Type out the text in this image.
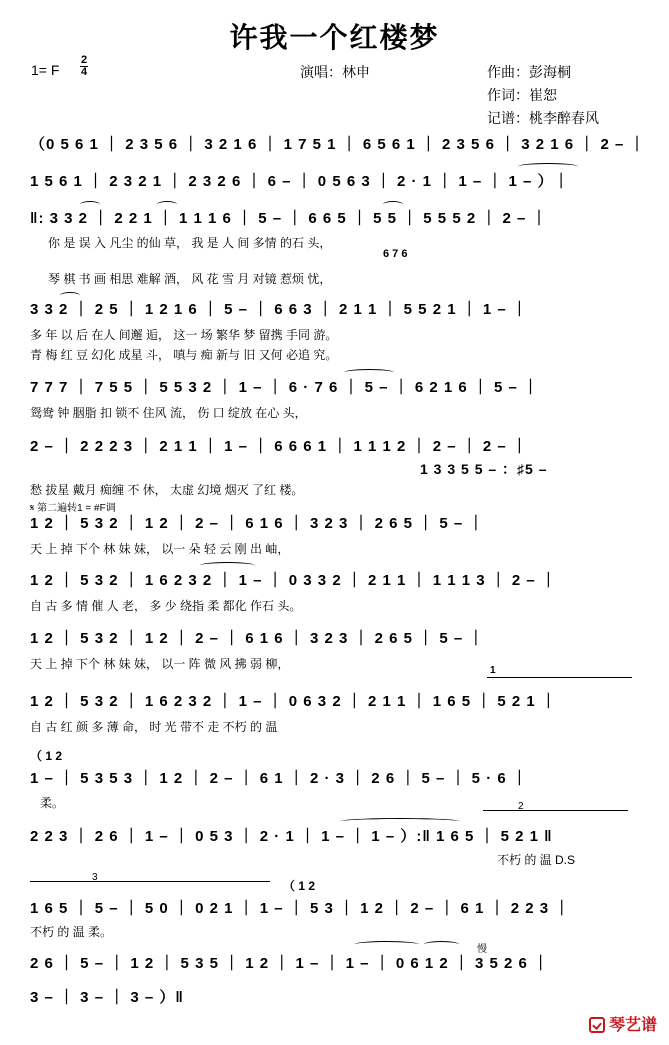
许我一个红楼梦
1= F
2
4	演唱：林申	作曲：彭海桐
作词：崔恕
记谱：桃李醉春风
（0 5 6 1 ｜ 2 3 5 6 ｜ 3 2 1 6 ｜ 1 7 5 1 ｜ 6 5 6 1 ｜ 2 3 5 6 ｜ 3 2 1 6 ｜ 2 – ｜
1 5 6 1 ｜ 2 3 2 1 ｜ 2 3 2 6 ｜ 6 – ｜ 0 5 6 3 ｜ 2 · 1 ｜ 1 – ｜ 1 – ）｜
‖: 3 3 2 ｜ 2 2 1 ｜ 1 1 1 6 ｜ 5 – ｜ 6 6 5 ｜ 5 5 ｜ 5 5 5 2 ｜ 2 – ｜
你 是 误 入 凡尘 的仙 草， 我 是 人 间 多情 的石 头，
6 7 6
琴 棋 书 画 相思 难解 酒， 风 花 雪 月 对镜 惹烦 忧，
3 3 2 ｜ 2 5 ｜ 1 2 1 6 ｜ 5 – ｜ 6 6 3 ｜ 2 1 1 ｜ 5 5 2 1 ｜ 1 – ｜
多 年 以 后 在人 间邂 逅， 这一 场 繁华 梦 留携 手同 游。
青 梅 红 豆 幻化 成星 斗， 嗔与 痴 新与 旧 又何 必追 究。
7 7 7 ｜ 7 5 5 ｜ 5 5 3 2 ｜ 1 – ｜ 6 · 7 6 ｜ 5 – ｜ 6 2 1 6 ｜ 5 – ｜
鸳鸯 钟 胭脂 扣 锁不 住风 流， 伤 口 绽放 在心 头，
2 – ｜ 2 2 2 3 ｜ 2 1 1 ｜ 1 – ｜ 6 6 6 1 ｜ 1 1 1 2 ｜ 2 – ｜ 2 – ｜
1 3 3 5 5 – ：♯5 –
愁 拔星 戴月 痴缠 不 休， 太虚 幻境 烟灭 了红 楼。
𝄋 第二遍转1 = #F调
1 2 ｜ 5 3 2 ｜ 1 2 ｜ 2 – ｜ 6 1 6 ｜ 3 2 3 ｜ 2 6 5 ｜ 5 – ｜
天 上 掉 下个 林 妹 妹， 以一 朵 轻 云 刚 出 岫，
1 2 ｜ 5 3 2 ｜ 1 6 2 3 2 ｜ 1 – ｜ 0 3 3 2 ｜ 2 1 1 ｜ 1 1 1 3 ｜ 2 – ｜
自 古 多 情 催 人 老， 多 少 绕指 柔 都化 作石 头。
1 2 ｜ 5 3 2 ｜ 1 2 ｜ 2 – ｜ 6 1 6 ｜ 3 2 3 ｜ 2 6 5 ｜ 5 – ｜
天 上 掉 下个 林 妹 妹， 以一 阵 微 风 拂 弱 柳，	1
1 2 ｜ 5 3 2 ｜ 1 6 2 3 2 ｜ 1 – ｜ 0 6 3 2 ｜ 2 1 1 ｜ 1 6 5 ｜ 5 2 1 ｜
自 古 红 颜 多 薄 命， 时 光 带不 走 不朽 的 温
（ 1 2
1 – ｜ 5 3 5 3 ｜ 1 2 ｜ 2 – ｜ 6 1 ｜ 2 · 3 ｜ 2 6 ｜ 5 – ｜ 5 · 6 ｜
柔。	2
2 2 3 ｜ 2 6 ｜ 1 – ｜ 0 5 3 ｜ 2 · 1 ｜ 1 – ｜ 1 – ）:‖ 1 6 5 ｜ 5 2 1 ‖
不朽 的 温 D.S
3
（ 1 2
1 6 5 ｜ 5 – ｜ 5 0 ｜ 0 2 1 ｜ 1 – ｜ 5 3 ｜ 1 2 ｜ 2 – ｜ 6 1 ｜ 2 2 3 ｜
不朽 的 温 柔。
慢
2 6 ｜ 5 – ｜ 1 2 ｜ 5 3 5 ｜ 1 2 ｜ 1 – ｜ 1 – ｜ 0 6 1 2 ｜ 3 5 2 6 ｜
3 – ｜ 3 – ｜ 3 – ）‖
琴艺谱
